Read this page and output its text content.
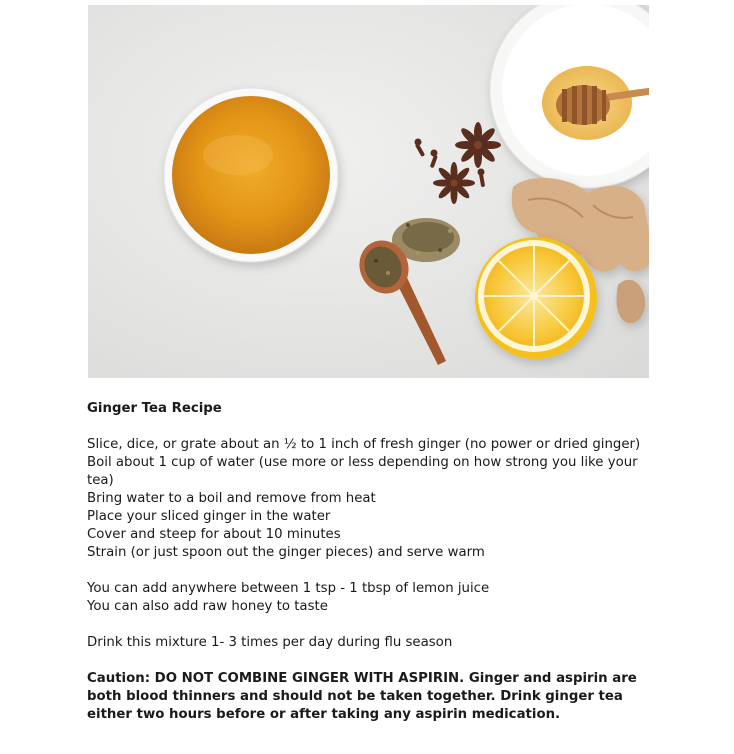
Ginger Tea Recipe
Slice, dice, or grate about an ½ to 1 inch of fresh ginger (no power or dried ginger)
Boil about 1 cup of water (use more or less depending on how strong you like your tea)
Bring water to a boil and remove from heat
Place your sliced ginger in the water
Cover and steep for about 10 minutes
Strain (or just spoon out the ginger pieces) and serve warm
You can add anywhere between 1 tsp - 1 tbsp of lemon juice
You can also add raw honey to taste
Drink this mixture 1- 3 times per day during flu season
Caution: DO NOT COMBINE GINGER WITH ASPIRIN. Ginger and aspirin are both blood thinners and should not be taken together. Drink ginger tea either two hours before or after taking any aspirin medication.
